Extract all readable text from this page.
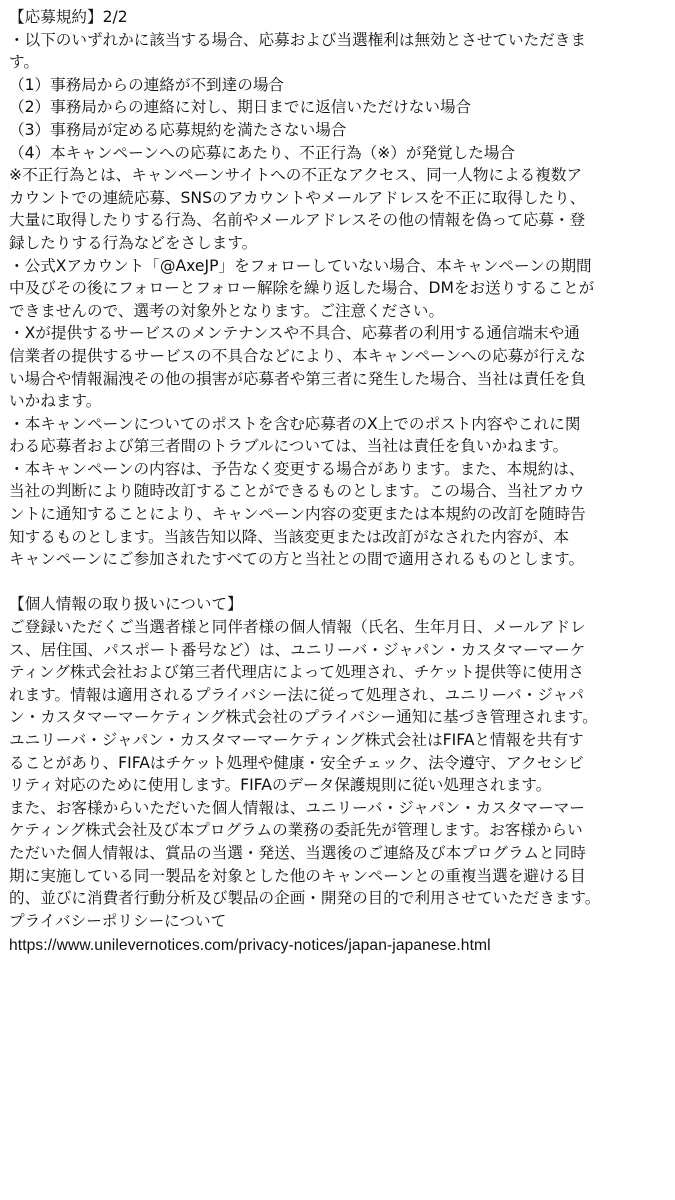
【応募規約】2/2
・以下のいずれかに該当する場合、応募および当選権利は無効とさせていただきま
す。
（1）事務局からの連絡が不到達の場合
（2）事務局からの連絡に対し、期日までに返信いただけない場合
（3）事務局が定める応募規約を満たさない場合
（4）本キャンペーンへの応募にあたり、不正行為（※）が発覚した場合
※不正行為とは、キャンペーンサイトへの不正なアクセス、同一人物による複数ア
カウントでの連続応募、SNSのアカウントやメールアドレスを不正に取得したり、
大量に取得したりする行為、名前やメールアドレスその他の情報を偽って応募・登
録したりする行為などをさします。
・公式Xアカウント「@AxeJP」をフォローしていない場合、本キャンペーンの期間
中及びその後にフォローとフォロー解除を繰り返した場合、DMをお送りすることが
できませんので、選考の対象外となります。ご注意ください。
・Xが提供するサービスのメンテナンスや不具合、応募者の利用する通信端末や通
信業者の提供するサービスの不具合などにより、本キャンペーンへの応募が行えな
い場合や情報漏洩その他の損害が応募者や第三者に発生した場合、当社は責任を負
いかねます。
・本キャンペーンについてのポストを含む応募者のX上でのポスト内容やこれに関
わる応募者および第三者間のトラブルについては、当社は責任を負いかねます。
・本キャンペーンの内容は、予告なく変更する場合があります。また、本規約は、
当社の判断により随時改訂することができるものとします。この場合、当社アカウ
ントに通知することにより、キャンペーン内容の変更または本規約の改訂を随時告
知するものとします。当該告知以降、当該変更または改訂がなされた内容が、本
キャンペーンにご参加されたすべての方と当社との間で適用されるものとします。
【個人情報の取り扱いについて】
ご登録いただくご当選者様と同伴者様の個人情報（氏名、生年月日、メールアドレ
ス、居住国、パスポート番号など）は、ユニリーバ・ジャパン・カスタマーマーケ
ティング株式会社および第三者代理店によって処理され、チケット提供等に使用さ
れます。情報は適用されるプライバシー法に従って処理され、ユニリーバ・ジャパ
ン・カスタマーマーケティング株式会社のプライバシー通知に基づき管理されます。
ユニリーバ・ジャパン・カスタマーマーケティング株式会社はFIFAと情報を共有す
ることがあり、FIFAはチケット処理や健康・安全チェック、法令遵守、アクセシビ
リティ対応のために使用します。FIFAのデータ保護規則に従い処理されます。
また、お客様からいただいた個人情報は、ユニリーバ・ジャパン・カスタマーマー
ケティング株式会社及び本プログラムの業務の委託先が管理します。お客様からい
ただいた個人情報は、賞品の当選・発送、当選後のご連絡及び本プログラムと同時
期に実施している同一製品を対象とした他のキャンペーンとの重複当選を避ける目
的、並びに消費者行動分析及び製品の企画・開発の目的で利用させていただきます。
プライバシーポリシーについて
https://www.unilevernotices.com/privacy-notices/japan-japanese.html
